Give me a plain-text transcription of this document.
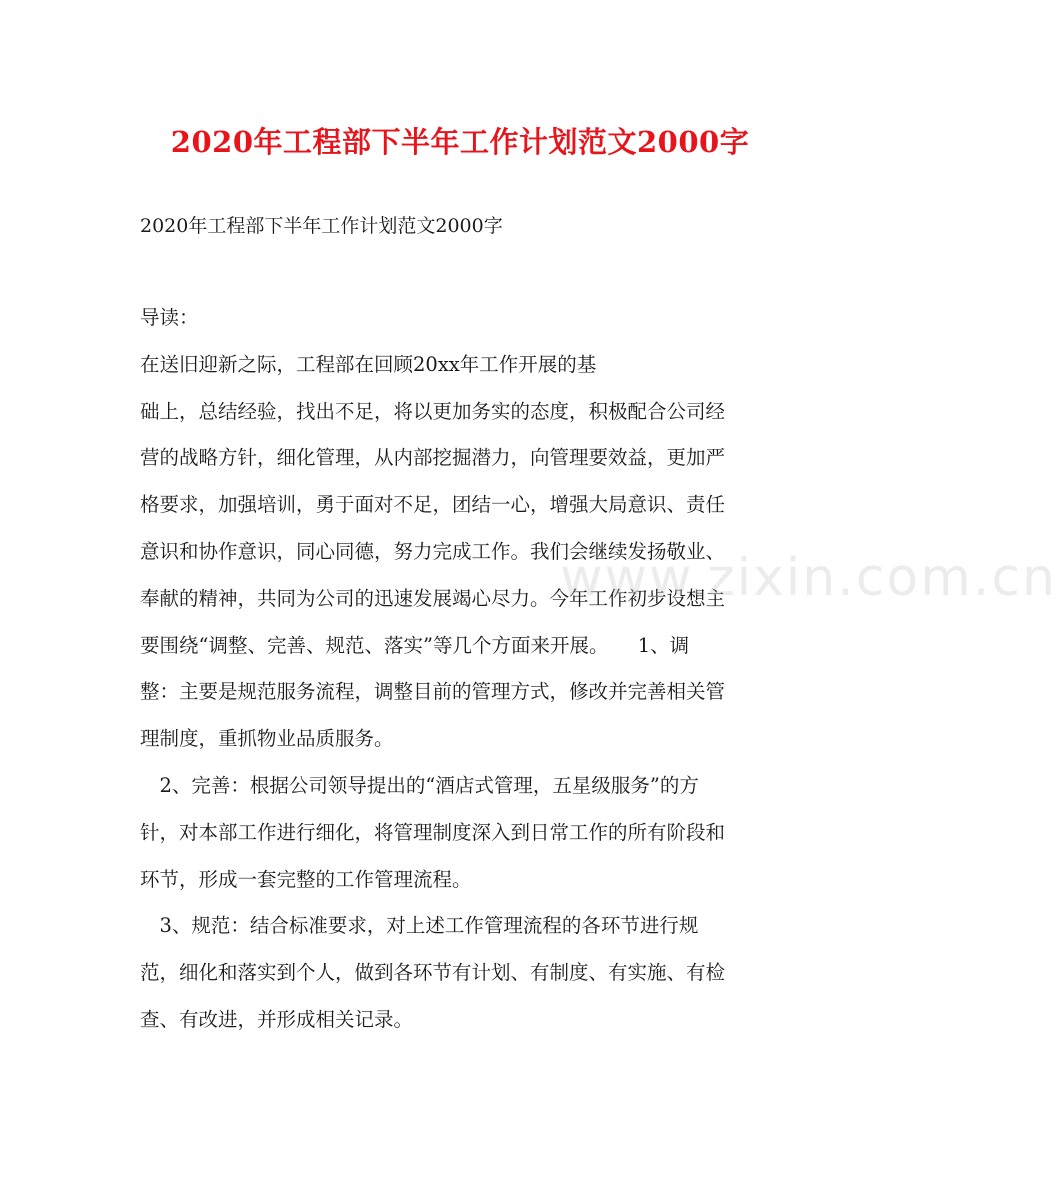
2020年工程部下半年工作计划范文2000字
2020年工程部下半年工作计划范文2000字
导读：
在送旧迎新之际，工程部在回顾20xx年工作开展的基
础上，总结经验，找出不足，将以更加务实的态度，积极配合公司经
营的战略方针，细化管理，从内部挖掘潜力，向管理要效益，更加严
格要求，加强培训，勇于面对不足，团结一心，增强大局意识、责任
意识和协作意识，同心同德，努力完成工作。我们会继续发扬敬业、
奉献的精神，共同为公司的迅速发展竭心尽力。今年工作初步设想主
要围绕“调整、完善、规范、落实”等几个方面来开展。　　1、调
整：主要是规范服务流程，调整目前的管理方式，修改并完善相关管
理制度，重抓物业品质服务。
　2、完善：根据公司领导提出的“酒店式管理，五星级服务”的方
针，对本部工作进行细化，将管理制度深入到日常工作的所有阶段和
环节，形成一套完整的工作管理流程。
　3、规范：结合标准要求，对上述工作管理流程的各环节进行规
范，细化和落实到个人，做到各环节有计划、有制度、有实施、有检
查、有改进，并形成相关记录。
www.zixin.com.cn
